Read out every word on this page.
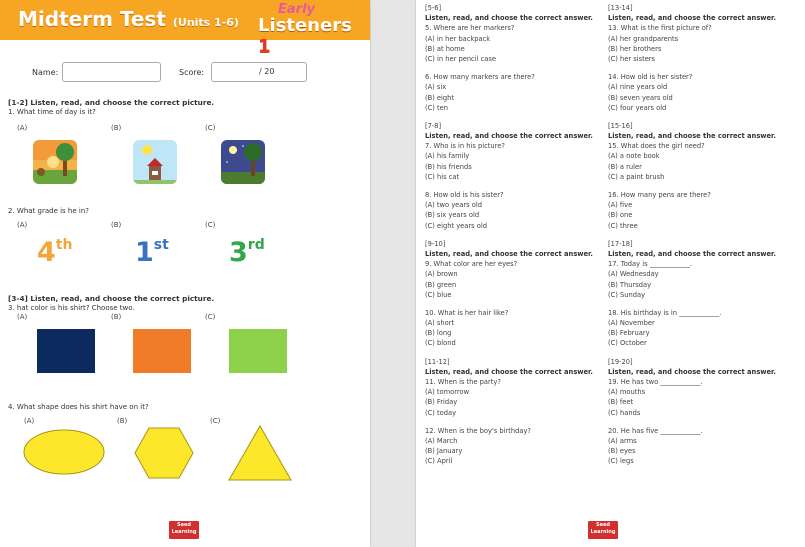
Midterm Test (Units 1-6)
Early
Listeners 1
Name:	Score:	/ 20
[1-2] Listen, read, and choose the correct picture.
1. What time of day is it?
(A)	(B)	(C)
2. What grade is he in?
(A)	(B)	(C)
4th 1st 3rd
[3-4] Listen, read, and choose the correct picture.
3. hat color is his shirt? Choose two.
(A)	(B)	(C)
4. What shape does his shirt have on it?
(A)	(B)	(C)
Seed
Learning
[5-6]
Listen, read, and choose the correct answer.
5. Where are her markers?
(A) in her backpack
(B) at home
(C) in her pencil case
6. How many markers are there?
(A) six
(B) eight
(C) ten
[7-8]
Listen, read, and choose the correct answer.
7. Who is in his picture?
(A) his family
(B) his friends
(C) his cat
8. How old is his sister?
(A) two years old
(B) six years old
(C) eight years old
[9-10]
Listen, read, and choose the correct answer.
9. What color are her eyes?
(A) brown
(B) green
(C) blue
10. What is her hair like?
(A) short
(B) long
(C) blond
[11-12]
Listen, read, and choose the correct answer.
11. When is the party?
(A) tomorrow
(B) Friday
(C) today
12. When is the boy's birthday?
(A) March
(B) January
(C) April
[13-14]
Listen, read, and choose the correct answer.
13. What is the first picture of?
(A) her grandparents
(B) her brothers
(C) her sisters
14. How old is her sister?
(A) nine years old
(B) seven years old
(C) four years old
[15-16]
Listen, read, and choose the correct answer.
15. What does the girl need?
(A) a note book
(B) a ruler
(C) a paint brush
16. How many pens are there?
(A) five
(B) one
(C) three
[17-18]
Listen, read, and choose the correct answer.
17. Today is ____________.
(A) Wednesday
(B) Thursday
(C) Sunday
18. His birthday is in ____________.
(A) November
(B) February
(C) October
[19-20]
Listen, read, and choose the correct answer.
19. He has two ____________.
(A) mouths
(B) feet
(C) hands
20. He has five ____________.
(A) arms
(B) eyes
(C) legs
Seed
Learning
